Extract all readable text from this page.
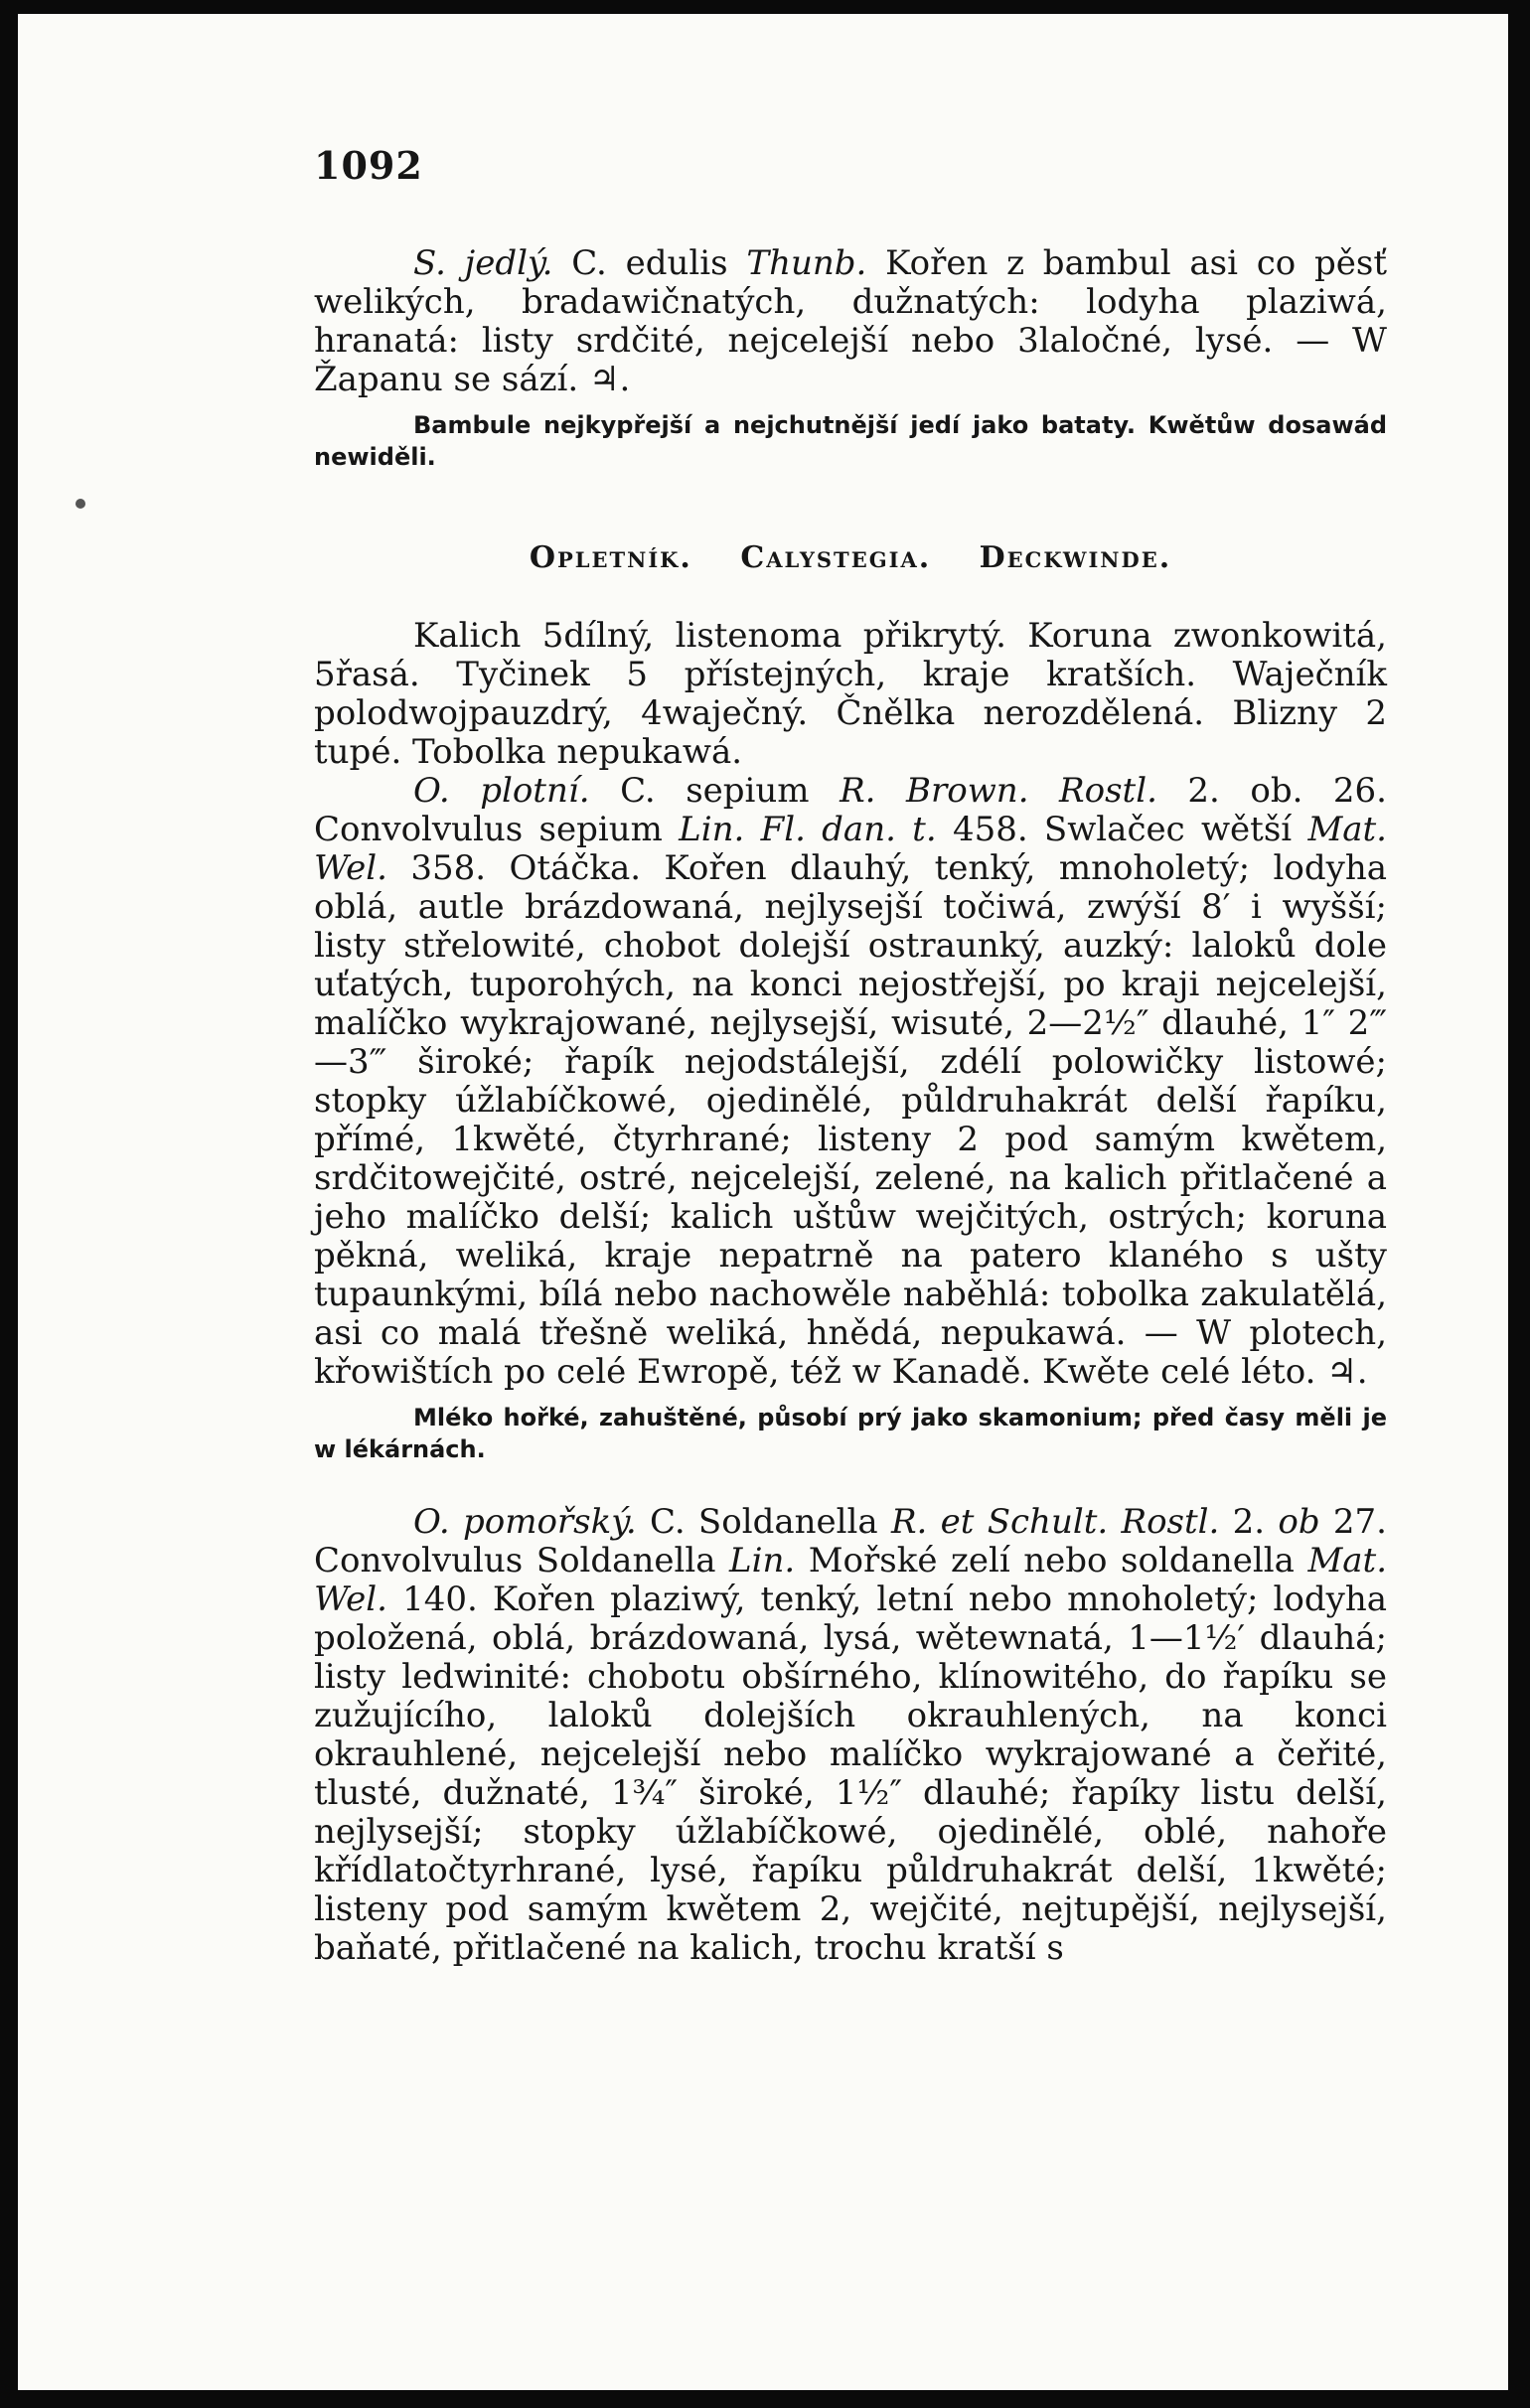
1092

S. jedlý. C. edulis Thunb. Kořen z bambul asi co pěsť welikých, bradawičnatých, dužnatých: lodyha plaziwá, hranatá: listy srdčité, nejcelejší nebo 3laločné, lysé. — W Žapanu se sází. ♃.

Bambule nejkypřejší a nejchutnější jedí jako bataty. Kwětůw dosawád newiděli.

Opletník. Calystegia. Deckwinde.

Kalich 5dílný, listenoma přikrytý. Koruna zwonkowitá, 5řasá. Tyčinek 5 přístejných, kraje kratších. Waječník polodwojpauzdrý, 4waječný. Čnělka nerozdělená. Blizny 2 tupé. Tobolka nepukawá.

O. plotní. C. sepium R. Brown. Rostl. 2. ob. 26. Convolvulus sepium Lin. Fl. dan. t. 458. Swlačec wětší Mat. Wel. 358. Otáčka. Kořen dlauhý, tenký, mnoholetý; lodyha oblá, autle brázdowaná, nejlysejší točiwá, zwýší 8′ i wyšší; listy střelowité, chobot dolejší ostraunký, auzký: laloků dole uťatých, tuporohých, na konci nejostřejší, po kraji nejcelejší, malíčko wykrajowané, nejlysejší, wisuté, 2—2½″ dlauhé, 1″ 2‴—3‴ široké; řapík nejodstálejší, zdélí polowičky listowé; stopky úžlabíčkowé, ojedinělé, půldruhakrát delší řapíku, přímé, 1kwěté, čtyrhrané; listeny 2 pod samým kwětem, srdčitowejčité, ostré, nejcelejší, zelené, na kalich přitlačené a jeho malíčko delší; kalich uštůw wejčitých, ostrých; koruna pěkná, weliká, kraje nepatrně na patero klaného s ušty tupaunkými, bílá nebo nachowěle naběhlá: tobolka zakulatělá, asi co malá třešně weliká, hnědá, nepukawá. — W plotech, křowištích po celé Ewropě, též w Kanadě. Kwěte celé léto. ♃.

Mléko hořké, zahuštěné, působí prý jako skamonium; před časy měli je w lékárnách.

O. pomořský. C. Soldanella R. et Schult. Rostl. 2. ob 27. Convolvulus Soldanella Lin. Mořské zelí nebo soldanella Mat. Wel. 140. Kořen plaziwý, tenký, letní nebo mnoholetý; lodyha položená, oblá, brázdowaná, lysá, wětewnatá, 1—1½′ dlauhá; listy ledwinité: chobotu obšírného, klínowitého, do řapíku se zužujícího, laloků dolejších okrauhlených, na konci okrauhlené, nejcelejší nebo malíčko wykrajowané a čeřité, tlusté, dužnaté, 1¾″ široké, 1½″ dlauhé; řapíky listu delší, nejlysejší; stopky úžlabíčkowé, ojedinělé, oblé, nahoře křídlatočtyrhrané, lysé, řapíku půldruhakrát delší, 1kwěté; listeny pod samým kwětem 2, wejčité, nejtupější, nejlysejší, baňaté, přitlačené na kalich, trochu kratší s
